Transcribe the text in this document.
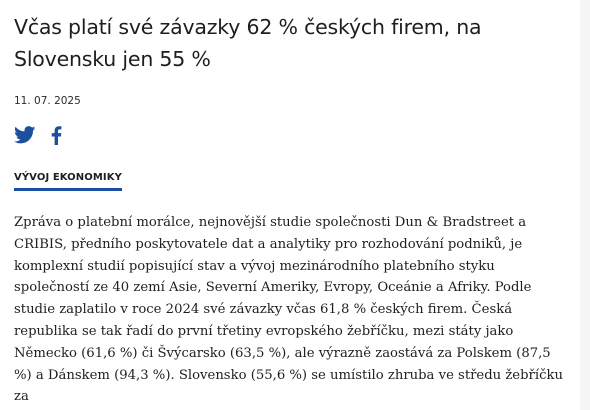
Včas platí své závazky 62 % českých firem, na Slovensku jen 55 %
11. 07. 2025
VÝVOJ EKONOMIKY

Zpráva o platební morálce, nejnovější studie společnosti Dun & Bradstreet a CRIBIS, předního poskytovatele dat a analytiky pro rozhodování podniků, je komplexní studií popisující stav a vývoj mezinárodního platebního styku společností ze 40 zemí Asie, Severní Ameriky, Evropy, Oceánie a Afriky. Podle studie zaplatilo v roce 2024 své závazky včas 61,8 % českých firem. Česká republika se tak řadí do první třetiny evropského žebříčku, mezi státy jako Německo (61,6 %) či Švýcarsko (63,5 %), ale výrazně zaostává za Polskem (87,5 %) a Dánskem (94,3 %). Slovensko (55,6 %) se umístilo zhruba ve středu žebříčku za
